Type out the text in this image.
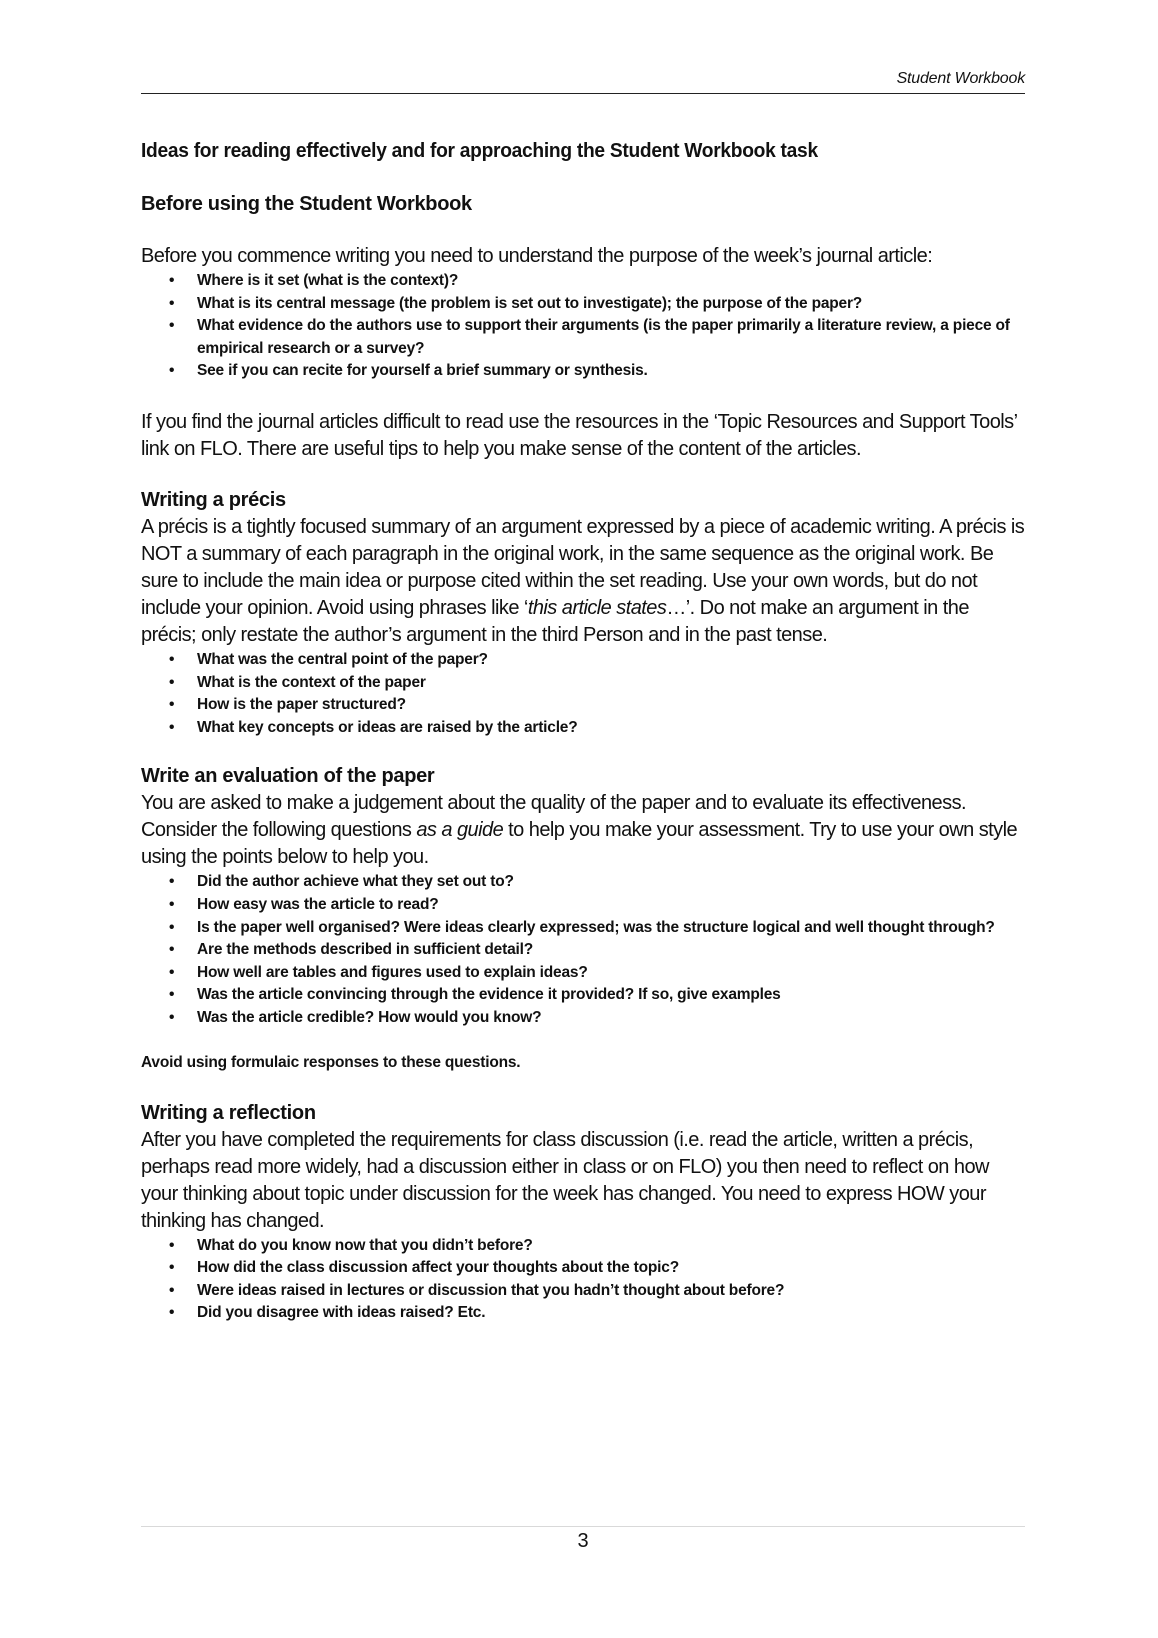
Student Workbook
Ideas for reading effectively and for approaching the Student Workbook task
Before using the Student Workbook

Before you commence writing you need to understand the purpose of the week’s journal article:

• Where is it set (what is the context)?
• What is its central message (the problem is set out to investigate); the purpose of the paper?
• What evidence do the authors use to support their arguments (is the paper primarily a literature review, a piece of empirical research or a survey?
• See if you can recite for yourself a brief summary or synthesis.

If you find the journal articles difficult to read use the resources in the ‘Topic Resources and Support Tools’ link on FLO. There are useful tips to help you make sense of the content of the articles.

Writing a précis

A précis is a tightly focused summary of an argument expressed by a piece of academic writing. A précis is NOT a summary of each paragraph in the original work, in the same sequence as the original work. Be sure to include the main idea or purpose cited within the set reading. Use your own words, but do not include your opinion. Avoid using phrases like ‘this article states…’. Do not make an argument in the précis; only restate the author’s argument in the third Person and in the past tense.

• What was the central point of the paper?
• What is the context of the paper
• How is the paper structured?
• What key concepts or ideas are raised by the article?
Write an evaluation of the paper

You are asked to make a judgement about the quality of the paper and to evaluate its effectiveness. Consider the following questions as a guide to help you make your assessment. Try to use your own style using the points below to help you.

• Did the author achieve what they set out to?
• How easy was the article to read?
• Is the paper well organised? Were ideas clearly expressed; was the structure logical and well thought through?
• Are the methods described in sufficient detail?
• How well are tables and figures used to explain ideas?
• Was the article convincing through the evidence it provided? If so, give examples
• Was the article credible? How would you know?

Avoid using formulaic responses to these questions.

Writing a reflection

After you have completed the requirements for class discussion (i.e. read the article, written a précis, perhaps read more widely, had a discussion either in class or on FLO) you then need to reflect on how your thinking about topic under discussion for the week has changed. You need to express HOW your thinking has changed.

• What do you know now that you didn’t before?
• How did the class discussion affect your thoughts about the topic?
• Were ideas raised in lectures or discussion that you hadn’t thought about before?
• Did you disagree with ideas raised? Etc.
3
